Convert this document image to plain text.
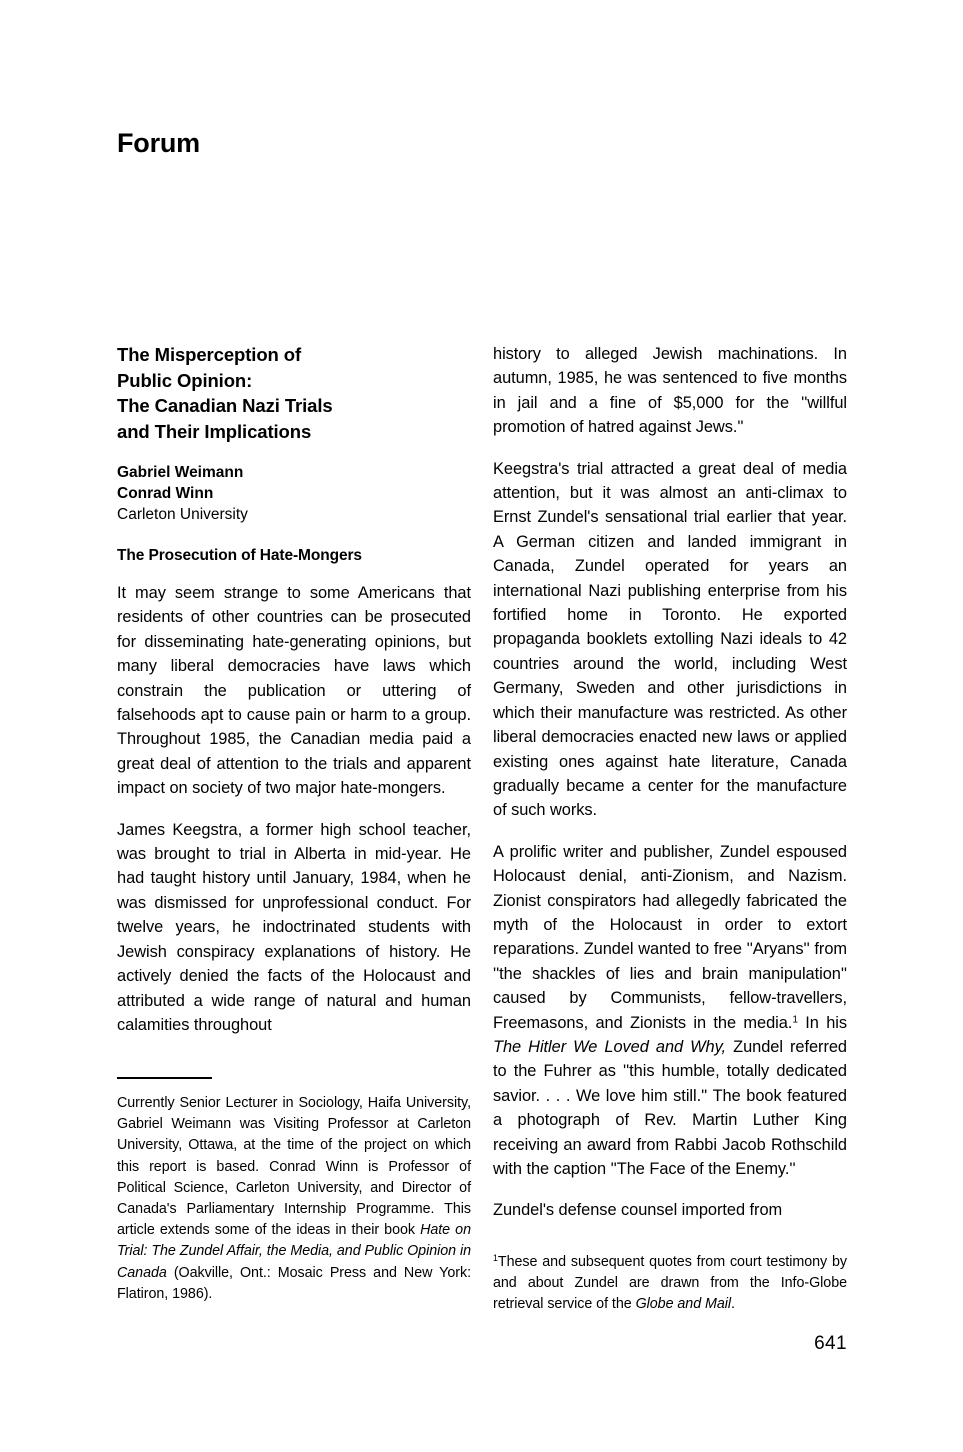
Forum
The Misperception of
Public Opinion:
The Canadian Nazi Trials
and Their Implications
Gabriel Weimann
Conrad Winn
Carleton University
The Prosecution of Hate-Mongers

It may seem strange to some Americans that residents of other countries can be prosecuted for disseminating hate-generating opinions, but many liberal democracies have laws which constrain the publication or uttering of falsehoods apt to cause pain or harm to a group. Throughout 1985, the Canadian media paid a great deal of attention to the trials and apparent impact on society of two major hate-mongers.

James Keegstra, a former high school teacher, was brought to trial in Alberta in mid-year. He had taught history until January, 1984, when he was dismissed for unprofessional conduct. For twelve years, he indoctrinated students with Jewish conspiracy explanations of history. He actively denied the facts of the Holocaust and attributed a wide range of natural and human calamities throughout

history to alleged Jewish machinations. In autumn, 1985, he was sentenced to five months in jail and a fine of $5,000 for the ''willful promotion of hatred against Jews.''

Keegstra's trial attracted a great deal of media attention, but it was almost an anti-climax to Ernst Zundel's sensational trial earlier that year. A German citizen and landed immigrant in Canada, Zundel operated for years an international Nazi publishing enterprise from his fortified home in Toronto. He exported propaganda booklets extolling Nazi ideals to 42 countries around the world, including West Germany, Sweden and other jurisdictions in which their manufacture was restricted. As other liberal democracies enacted new laws or applied existing ones against hate literature, Canada gradually became a center for the manufacture of such works.

A prolific writer and publisher, Zundel espoused Holocaust denial, anti-Zionism, and Nazism. Zionist conspirators had allegedly fabricated the myth of the Holocaust in order to extort reparations. Zundel wanted to free ''Aryans'' from ''the shackles of lies and brain manipulation'' caused by Communists, fellow-travellers, Freemasons, and Zionists in the media.$^1$ In his The Hitler We Loved and Why, Zundel referred to the Fuhrer as ''this humble, totally dedicated savior. . . . We love him still.'' The book featured a photograph of Rev. Martin Luther King receiving an award from Rabbi Jacob Rothschild with the caption ''The Face of the Enemy.''

Zundel's defense counsel imported from

Currently Senior Lecturer in Sociology, Haifa University, Gabriel Weimann was Visiting Professor at Carleton University, Ottawa, at the time of the project on which this report is based. Conrad Winn is Professor of Political Science, Carleton University, and Director of Canada's Parliamentary Internship Programme. This article extends some of the ideas in their book Hate on Trial: The Zundel Affair, the Media, and Public Opinion in Canada (Oakville, Ont.: Mosaic Press and New York: Flatiron, 1986).

$^1$These and subsequent quotes from court testimony by and about Zundel are drawn from the Info-Globe retrieval service of the Globe and Mail.

641
